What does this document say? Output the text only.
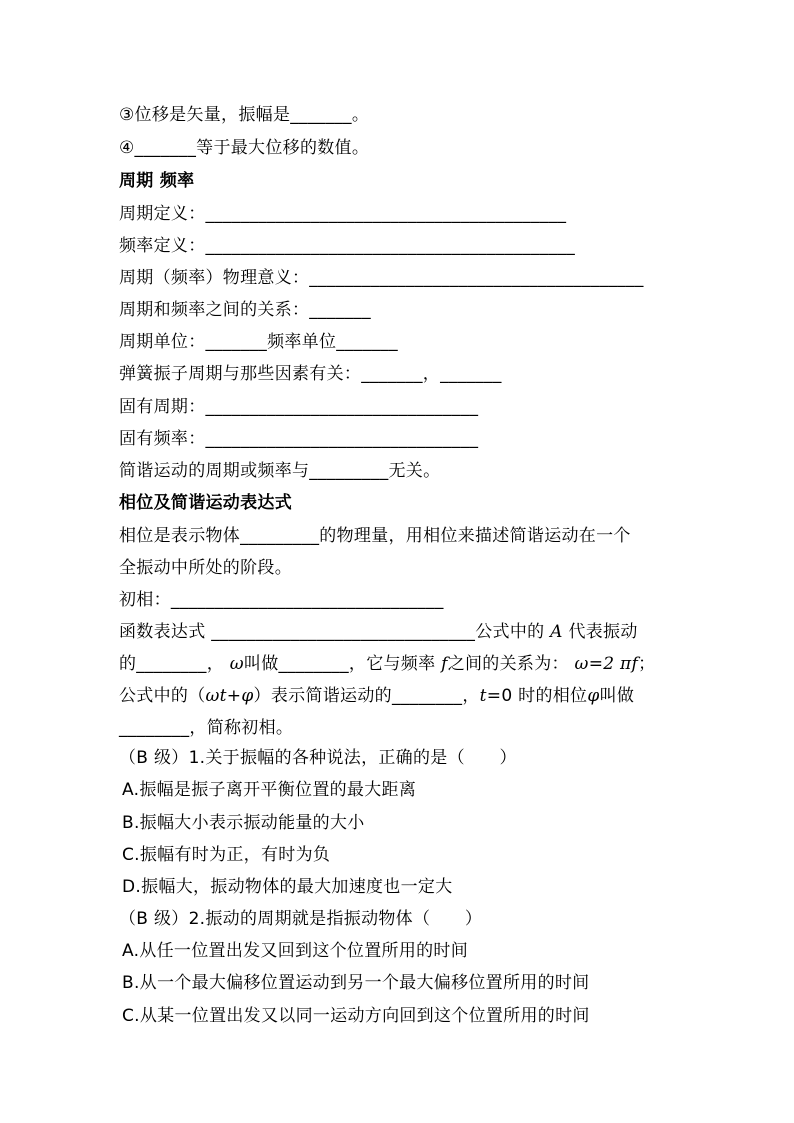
③位移是矢量，振幅是_______。
④_______等于最大位移的数值。
周期 频率
周期定义：_________________________________________
频率定义：__________________________________________
周期（频率）物理意义：______________________________________
周期和频率之间的关系：_______
周期单位：_______频率单位_______
弹簧振子周期与那些因素有关：_______，_______
固有周期：_______________________________
固有频率：_______________________________
简谐运动的周期或频率与_________无关。
相位及简谐运动表达式
相位是表示物体_________的物理量，用相位来描述简谐运动在一个
全振动中所处的阶段。
初相：_______________________________
函数表达式 ______________________________公式中的 A 代表振动
的________， ω叫做________，它与频率 f之间的关系为： ω=2 πf；
公式中的（ωt+φ）表示简谐运动的________，t=0 时的相位φ叫做
________，简称初相。
（B 级）1.关于振幅的各种说法，正确的是（　　）
A.振幅是振子离开平衡位置的最大距离
B.振幅大小表示振动能量的大小
C.振幅有时为正，有时为负
D.振幅大，振动物体的最大加速度也一定大
（B 级）2.振动的周期就是指振动物体（　　）
A.从任一位置出发又回到这个位置所用的时间
B.从一个最大偏移位置运动到另一个最大偏移位置所用的时间
C.从某一位置出发又以同一运动方向回到这个位置所用的时间
